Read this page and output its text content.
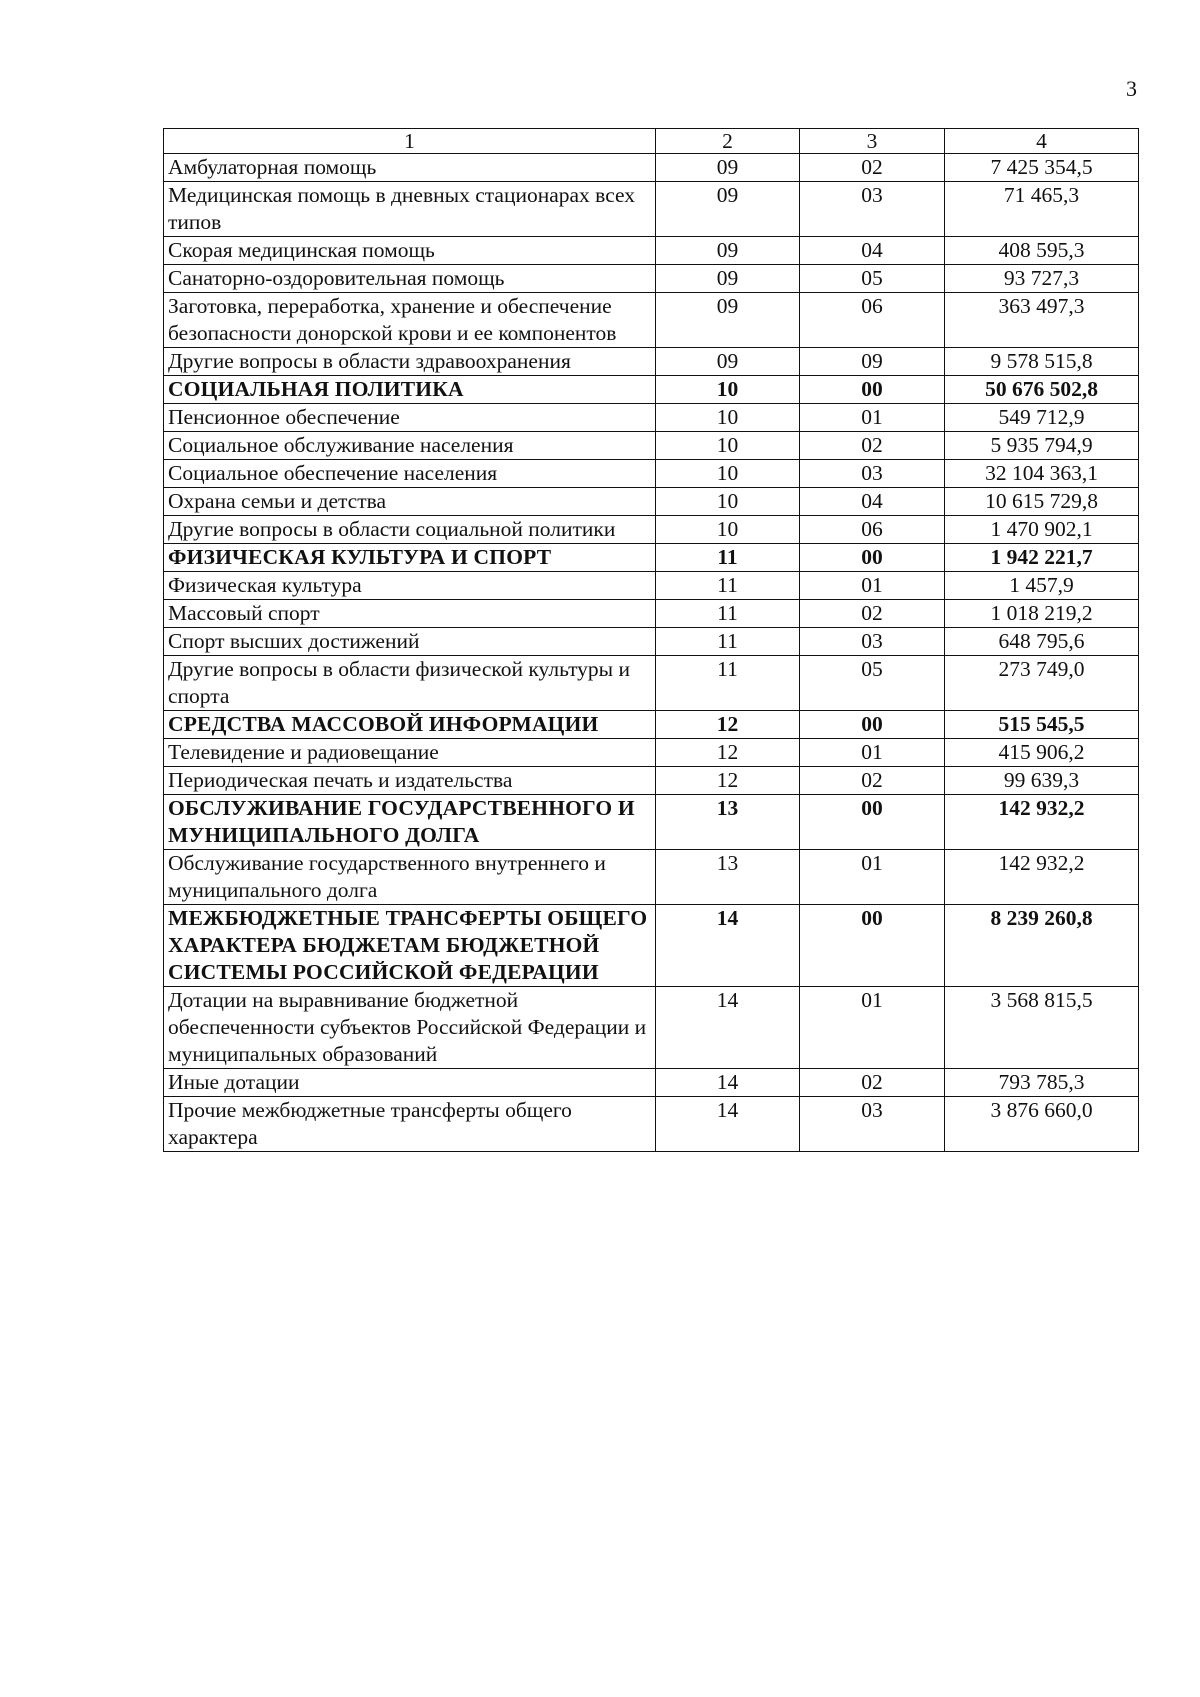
3
1	2	3	4
Амбулаторная помощь	09	02	7 425 354,5
Медицинская помощь в дневных стационарах всех типов	09	03	71 465,3
Скорая медицинская помощь	09	04	408 595,3
Санаторно-оздоровительная помощь	09	05	93 727,3
Заготовка, переработка, хранение и обеспечение безопасности донорской крови и ее компонентов	09	06	363 497,3
Другие вопросы в области здравоохранения	09	09	9 578 515,8
СОЦИАЛЬНАЯ ПОЛИТИКА	10	00	50 676 502,8
Пенсионное обеспечение	10	01	549 712,9
Социальное обслуживание населения	10	02	5 935 794,9
Социальное обеспечение населения	10	03	32 104 363,1
Охрана семьи и детства	10	04	10 615 729,8
Другие вопросы в области социальной политики	10	06	1 470 902,1
ФИЗИЧЕСКАЯ КУЛЬТУРА И СПОРТ	11	00	1 942 221,7
Физическая культура	11	01	1 457,9
Массовый спорт	11	02	1 018 219,2
Спорт высших достижений	11	03	648 795,6
Другие вопросы в области физической культуры и спорта	11	05	273 749,0
СРЕДСТВА МАССОВОЙ ИНФОРМАЦИИ	12	00	515 545,5
Телевидение и радиовещание	12	01	415 906,2
Периодическая печать и издательства	12	02	99 639,3
ОБСЛУЖИВАНИЕ ГОСУДАРСТВЕННОГО И МУНИЦИПАЛЬНОГО ДОЛГА	13	00	142 932,2
Обслуживание государственного внутреннего и муниципального долга	13	01	142 932,2
МЕЖБЮДЖЕТНЫЕ ТРАНСФЕРТЫ ОБЩЕГО ХАРАКТЕРА БЮДЖЕТАМ БЮДЖЕТНОЙ СИСТЕМЫ РОССИЙСКОЙ ФЕДЕРАЦИИ	14	00	8 239 260,8
Дотации на выравнивание бюджетной обеспеченности субъектов Российской Федерации и муниципальных образований	14	01	3 568 815,5
Иные дотации	14	02	793 785,3
Прочие межбюджетные трансферты общего характера	14	03	3 876 660,0
